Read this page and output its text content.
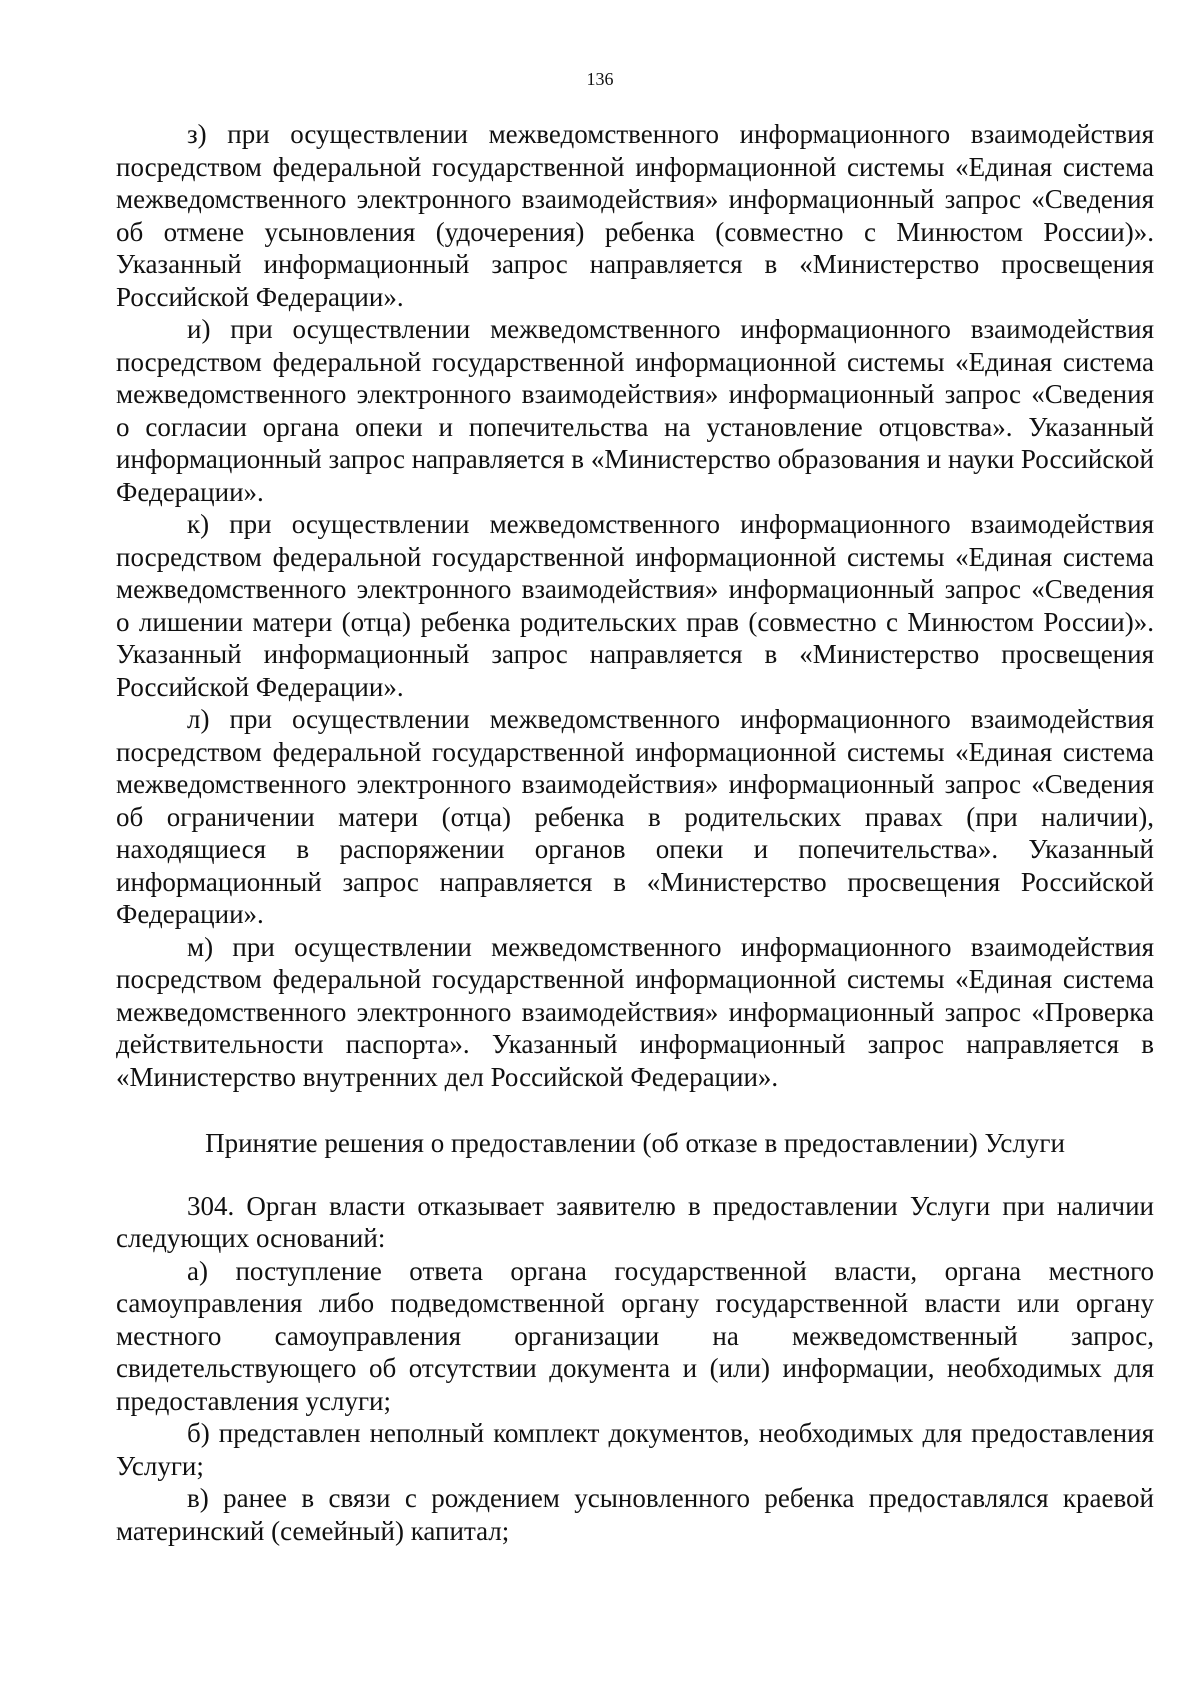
136

з) при осуществлении межведомственного информационного взаимодействия посредством федеральной государственной информационной системы «Единая система межведомственного электронного взаимодействия» информационный запрос «Сведения об отмене усыновления (удочерения) ребенка (совместно с Минюстом России)». Указанный информационный запрос направляется в «Министерство просвещения Российской Федерации».

и) при осуществлении межведомственного информационного взаимодействия посредством федеральной государственной информационной системы «Единая система межведомственного электронного взаимодействия» информационный запрос «Сведения о согласии органа опеки и попечительства на установление отцовства». Указанный информационный запрос направляется в «Министерство образования и науки Российской Федерации».

к) при осуществлении межведомственного информационного взаимодействия посредством федеральной государственной информационной системы «Единая система межведомственного электронного взаимодействия» информационный запрос «Сведения о лишении матери (отца) ребенка родительских прав (совместно с Минюстом России)». Указанный информационный запрос направляется в «Министерство просвещения Российской Федерации».

л) при осуществлении межведомственного информационного взаимодействия посредством федеральной государственной информационной системы «Единая система межведомственного электронного взаимодействия» информационный запрос «Сведения об ограничении матери (отца) ребенка в родительских правах (при наличии), находящиеся в распоряжении органов опеки и попечительства». Указанный информационный запрос направляется в «Министерство просвещения Российской Федерации».

м) при осуществлении межведомственного информационного взаимодействия посредством федеральной государственной информационной системы «Единая система межведомственного электронного взаимодействия» информационный запрос «Проверка действительности паспорта». Указанный информационный запрос направляется в «Министерство внутренних дел Российской Федерации».

Принятие решения о предоставлении (об отказе в предоставлении) Услуги

304. Орган власти отказывает заявителю в предоставлении Услуги при наличии следующих оснований:

а) поступление ответа органа государственной власти, органа местного самоуправления либо подведомственной органу государственной власти или органу местного самоуправления организации на межведомственный запрос, свидетельствующего об отсутствии документа и (или) информации, необходимых для предоставления услуги;

б) представлен неполный комплект документов, необходимых для предоставления Услуги;

в) ранее в связи с рождением усыновленного ребенка предоставлялся краевой материнский (семейный) капитал;
